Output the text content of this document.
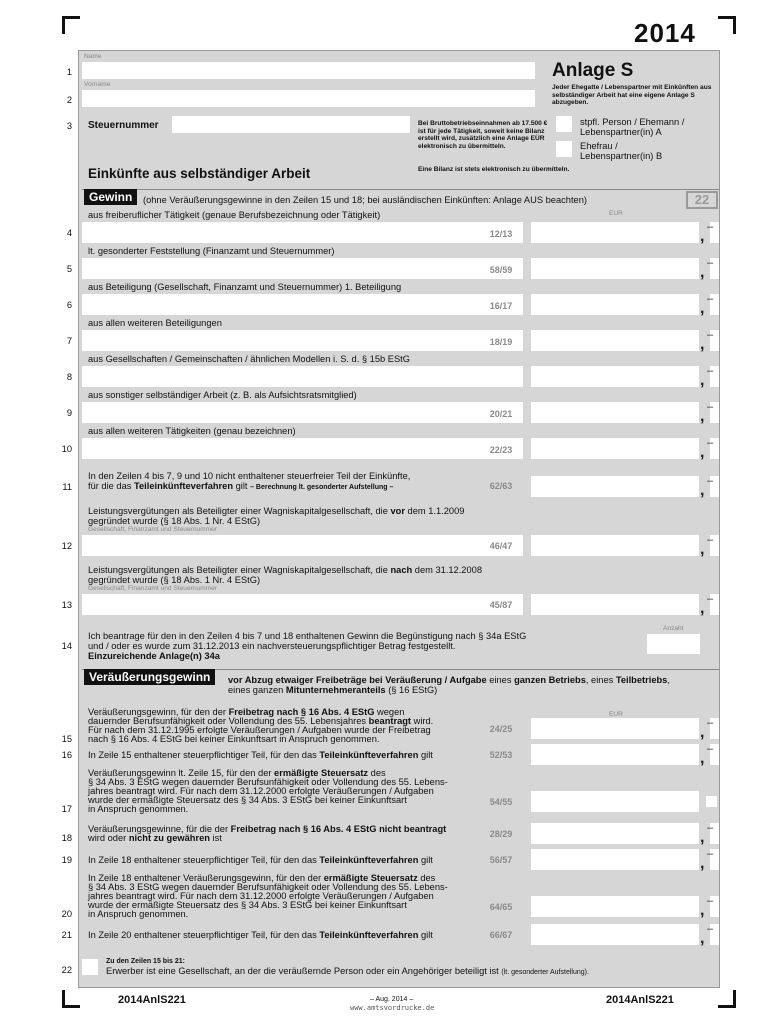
2014
Name
1
Vorname
2
Anlage S
Jeder Ehegatte / Lebenspartner mit Einkünften aus selbständiger Arbeit hat eine eigene Anlage S abzugeben.
3 Steuernummer	Bei Bruttobetriebseinnahmen ab 17.500 € ist für jede Tätigkeit, soweit keine Bilanz erstellt wird, zusätzlich eine Anlage EÜR elektronisch zu übermitteln.
Eine Bilanz ist stets elektronisch zu übermitteln.
stpfl. Person / Ehemann / Lebenspartner(in) A
Ehefrau / Lebenspartner(in) B
Einkünfte aus selbständiger Arbeit
Gewinn	(ohne Veräußerungsgewinne in den Zeilen 15 und 18; bei ausländischen Einkünften: Anlage AUS beachten)	22
EUR
aus freiberuflicher Tätigkeit (genaue Berufsbezeichnung oder Tätigkeit)
12/13	,
–
4
lt. gesonderter Feststellung (Finanzamt und Steuernummer)
58/59	,
–
5
aus Beteiligung (Gesellschaft, Finanzamt und Steuernummer) 1. Beteiligung
16/17	,
–
6
aus allen weiteren Beteiligungen
18/19	,
–
7
aus Gesellschaften / Gemeinschaften / ähnlichen Modellen i. S. d. § 15b EStG
,
–
8
aus sonstiger selbständiger Arbeit (z. B. als Aufsichtsratsmitglied)
20/21	,
–
9
aus allen weiteren Tätigkeiten (genau bezeichnen)
22/23	,
–
10
In den Zeilen 4 bis 7, 9 und 10 nicht enthaltener steuerfreier Teil der Einkünfte,
für die das Teileinkünfteverfahren gilt – Berechnung lt. gesonderter Aufstellung –	62/63	,
–
11
Leistungsvergütungen als Beteiligter einer Wagniskapitalgesellschaft, die vor dem 1.1.2009
gegründet wurde (§ 18 Abs. 1 Nr. 4 EStG)
Gesellschaft, Finanzamt und Steuernummer
46/47	,
–
12
Leistungsvergütungen als Beteiligter einer Wagniskapitalgesellschaft, die nach dem 31.12.2008
gegründet wurde (§ 18 Abs. 1 Nr. 4 EStG)
Gesellschaft, Finanzamt und Steuernummer
45/87	,
–
13
Ich beantrage für den in den Zeilen 4 bis 7 und 18 enthaltenen Gewinn die Begünstigung nach § 34a EStG
und / oder es wurde zum 31.12.2013 ein nachversteuerungspflichtiger Betrag festgestellt.
Einzureichende Anlage(n) 34a
Anzahl
14
Veräußerungsgewinn	vor Abzug etwaiger Freibeträge bei Veräußerung / Aufgabe eines ganzen Betriebs, eines Teilbetriebs,
eines ganzen Mitunternehmeranteils (§ 16 EStG)
EUR
Veräußerungsgewinn, für den der Freibetrag nach § 16 Abs. 4 EStG wegen
dauernder Berufsunfähigkeit oder Vollendung des 55. Lebensjahres beantragt wird.
Für nach dem 31.12.1995 erfolgte Veräußerungen / Aufgaben wurde der Freibetrag
nach § 16 Abs. 4 EStG bei keiner Einkunftsart in Anspruch genommen.
24/25	,
–
15
In Zeile 15 enthaltener steuerpflichtiger Teil, für den das Teileinkünfteverfahren gilt	52/53	,
–
16
Veräußerungsgewinn lt. Zeile 15, für den der ermäßigte Steuersatz des
§ 34 Abs. 3 EStG wegen dauernder Berufsunfähigkeit oder Vollendung des 55. Lebens-
jahres beantragt wird. Für nach dem 31.12.2000 erfolgte Veräußerungen / Aufgaben
wurde der ermäßigte Steuersatz des § 34 Abs. 3 EStG bei keiner Einkunftsart
in Anspruch genommen.
54/55
17
Veräußerungsgewinne, für die der Freibetrag nach § 16 Abs. 4 EStG nicht beantragt
wird oder nicht zu gewähren ist	28/29	,
–
18
In Zeile 18 enthaltener steuerpflichtiger Teil, für den das Teileinkünfteverfahren gilt	56/57	,
–
19
In Zeile 18 enthaltener Veräußerungsgewinn, für den der ermäßigte Steuersatz des
§ 34 Abs. 3 EStG wegen dauernder Berufsunfähigkeit oder Vollendung des 55. Lebens-
jahres beantragt wird. Für nach dem 31.12.2000 erfolgte Veräußerungen / Aufgaben
wurde der ermäßigte Steuersatz des § 34 Abs. 3 EStG bei keiner Einkunftsart
in Anspruch genommen.
64/65	,
–
20
In Zeile 20 enthaltener steuerpflichtiger Teil, für den das Teileinkünfteverfahren gilt	66/67	,
–
21
Zu den Zeilen 15 bis 21:
Erwerber ist eine Gesellschaft, an der die veräußernde Person oder ein Angehöriger beteiligt ist (lt. gesonderter Aufstellung).
22
2014AnlS221	– Aug. 2014 –
www.amtsvordrucke.de
2014AnlS221
